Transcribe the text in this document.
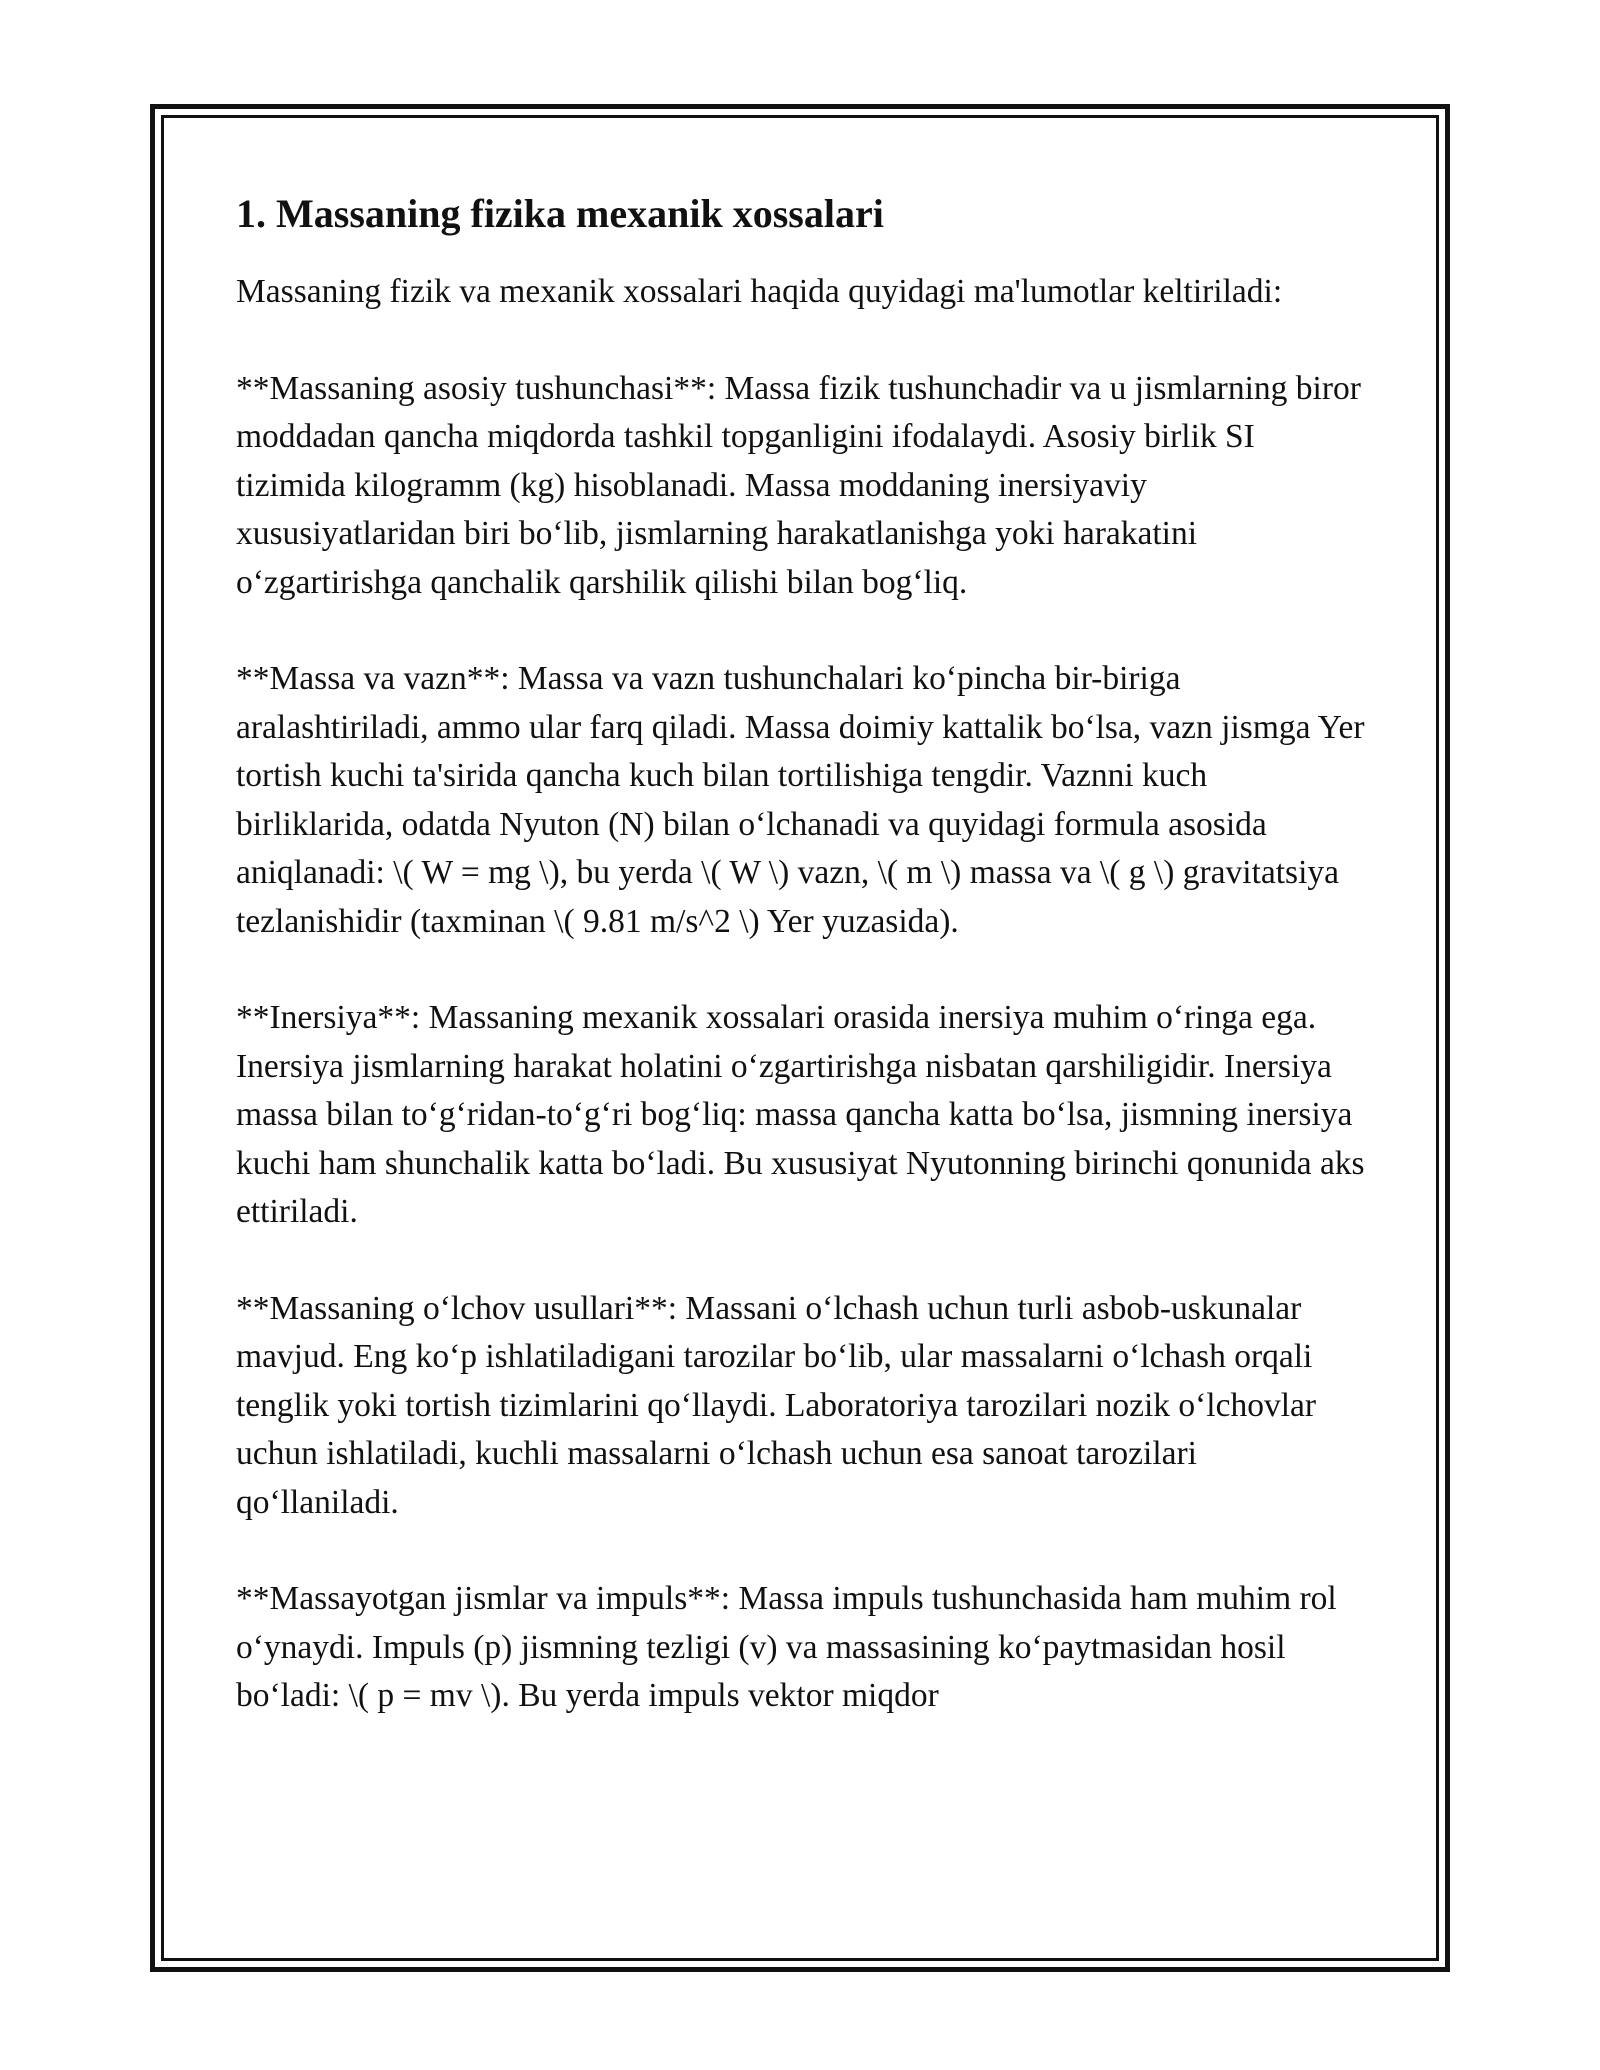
1. Massaning fizika mexanik xossalari

Massaning fizik va mexanik xossalari haqida quyidagi ma'lumotlar keltiriladi:

**Massaning asosiy tushunchasi**: Massa fizik tushunchadir va u jismlarning biror moddadan qancha miqdorda tashkil topganligini ifodalaydi. Asosiy birlik SI tizimida kilogramm (kg) hisoblanadi. Massa moddaning inersiyaviy xususiyatlaridan biri bo‘lib, jismlarning harakatlanishga yoki harakatini o‘zgartirishga qanchalik qarshilik qilishi bilan bog‘liq.

**Massa va vazn**: Massa va vazn tushunchalari ko‘pincha bir-biriga aralashtiriladi, ammo ular farq qiladi. Massa doimiy kattalik bo‘lsa, vazn jismga Yer tortish kuchi ta'sirida qancha kuch bilan tortilishiga tengdir. Vaznni kuch birliklarida, odatda Nyuton (N) bilan o‘lchanadi va quyidagi formula asosida aniqlanadi: \( W = mg \), bu yerda \( W \) vazn, \( m \) massa va \( g \) gravitatsiya tezlanishidir (taxminan \( 9.81 m/s^2 \) Yer yuzasida).

**Inersiya**: Massaning mexanik xossalari orasida inersiya muhim o‘ringa ega. Inersiya jismlarning harakat holatini o‘zgartirishga nisbatan qarshiligidir. Inersiya massa bilan to‘g‘ridan-to‘g‘ri bog‘liq: massa qancha katta bo‘lsa, jismning inersiya kuchi ham shunchalik katta bo‘ladi. Bu xususiyat Nyutonning birinchi qonunida aks ettiriladi.

**Massaning o‘lchov usullari**: Massani o‘lchash uchun turli asbob-uskunalar mavjud. Eng ko‘p ishlatiladigani tarozilar bo‘lib, ular massalarni o‘lchash orqali tenglik yoki tortish tizimlarini qo‘llaydi. Laboratoriya tarozilari nozik o‘lchovlar uchun ishlatiladi, kuchli massalarni o‘lchash uchun esa sanoat tarozilari qo‘llaniladi.

**Massayotgan jismlar va impuls**: Massa impuls tushunchasida ham muhim rol o‘ynaydi. Impuls (p) jismning tezligi (v) va massasining ko‘paytmasidan hosil bo‘ladi: \( p = mv \). Bu yerda impuls vektor miqdor
